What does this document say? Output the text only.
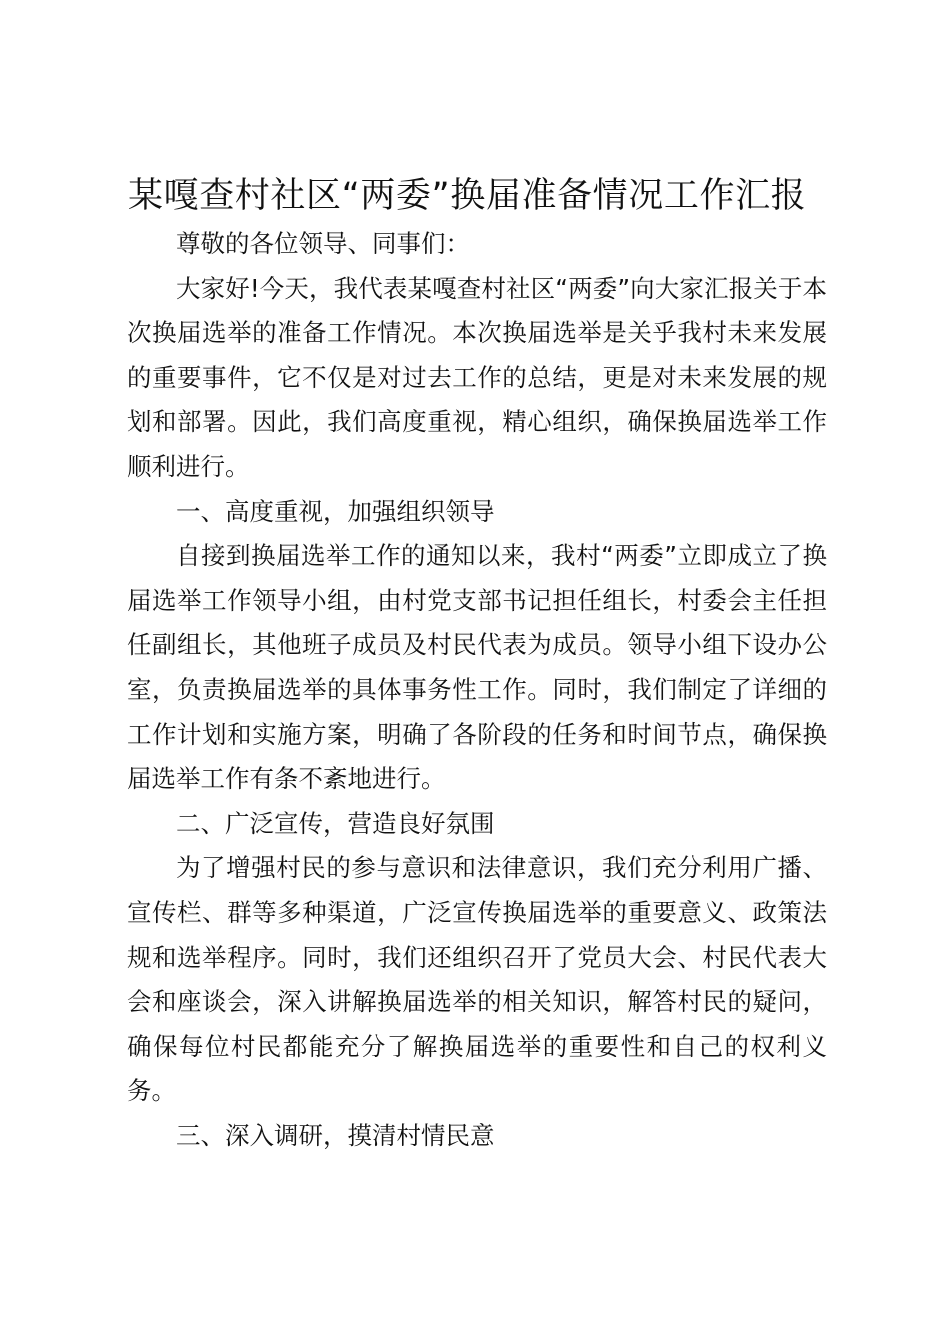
某嘎查村社区“两委”换届准备情况工作汇报

尊敬的各位领导、同事们：

大家好!今天，我代表某嘎查村社区“两委”向大家汇报关于本次换届选举的准备工作情况。本次换届选举是关乎我村未来发展的重要事件，它不仅是对过去工作的总结，更是对未来发展的规划和部署。因此，我们高度重视，精心组织，确保换届选举工作顺利进行。

一、高度重视，加强组织领导

自接到换届选举工作的通知以来，我村“两委”立即成立了换届选举工作领导小组，由村党支部书记担任组长，村委会主任担任副组长，其他班子成员及村民代表为成员。领导小组下设办公室，负责换届选举的具体事务性工作。同时，我们制定了详细的工作计划和实施方案，明确了各阶段的任务和时间节点，确保换届选举工作有条不紊地进行。

二、广泛宣传，营造良好氛围

为了增强村民的参与意识和法律意识，我们充分利用广播、宣传栏、群等多种渠道，广泛宣传换届选举的重要意义、政策法规和选举程序。同时，我们还组织召开了党员大会、村民代表大会和座谈会，深入讲解换届选举的相关知识，解答村民的疑问，确保每位村民都能充分了解换届选举的重要性和自己的权利义务。

三、深入调研，摸清村情民意
